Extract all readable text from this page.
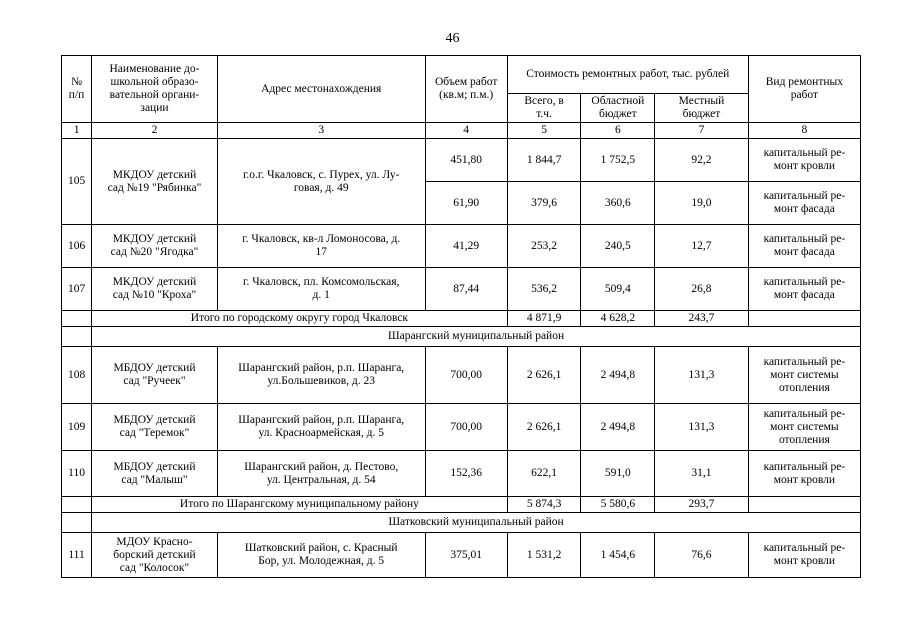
46
№
п/п	Наименование до-
школьной образо-
вательной органи-
зации	Адрес местонахождения	Объем работ
(кв.м; п.м.)	Стоимость ремонтных работ, тыс. рублей			Вид ремонтных
работ
				Всего, в
т.ч.	Областной
бюджет	Местный
бюджет	
1	2	3	4	5	6	7	8
105	МКДОУ детский
сад №19 "Рябинка"	г.о.г. Чкаловск, с. Пурех, ул. Лу-
говая, д. 49	451,80	1 844,7	1 752,5	92,2	капитальный ре-
монт кровли
			61,90	379,6	360,6	19,0	капитальный ре-
монт фасада
106	МКДОУ детский
сад №20 "Ягодка"	г. Чкаловск, кв-л Ломоносова, д.
17	41,29	253,2	240,5	12,7	капитальный ре-
монт фасада
107	МКДОУ детский
сад №10 "Кроха"	г. Чкаловск, пл. Комсомольская,
д. 1	87,44	536,2	509,4	26,8	капитальный ре-
монт фасада
	Итого по городскому округу город Чкаловск			4 871,9	4 628,2	243,7	
	Шарангский муниципальный район						
108	МБДОУ детский
сад "Ручеек"	Шарангский район, р.п. Шаранга,
ул.Большевиков, д. 23	700,00	2 626,1	2 494,8	131,3	капитальный ре-
монт системы
отопления
109	МБДОУ детский
сад "Теремок"	Шарангский район, р.п. Шаранга,
ул. Красноармейская, д. 5	700,00	2 626,1	2 494,8	131,3	капитальный ре-
монт системы
отопления
110	МБДОУ детский
сад "Малыш"	Шарангский район, д. Пестово,
ул. Центральная, д. 54	152,36	622,1	591,0	31,1	капитальный ре-
монт кровли
	Итого по Шарангскому муниципальному району			5 874,3	5 580,6	293,7	
	Шатковский муниципальный район						
111	МДОУ Красно-
борский детский
сад "Колосок"	Шатковский район, с. Красный
Бор, ул. Молодежная, д. 5	375,01	1 531,2	1 454,6	76,6	капитальный ре-
монт кровли
